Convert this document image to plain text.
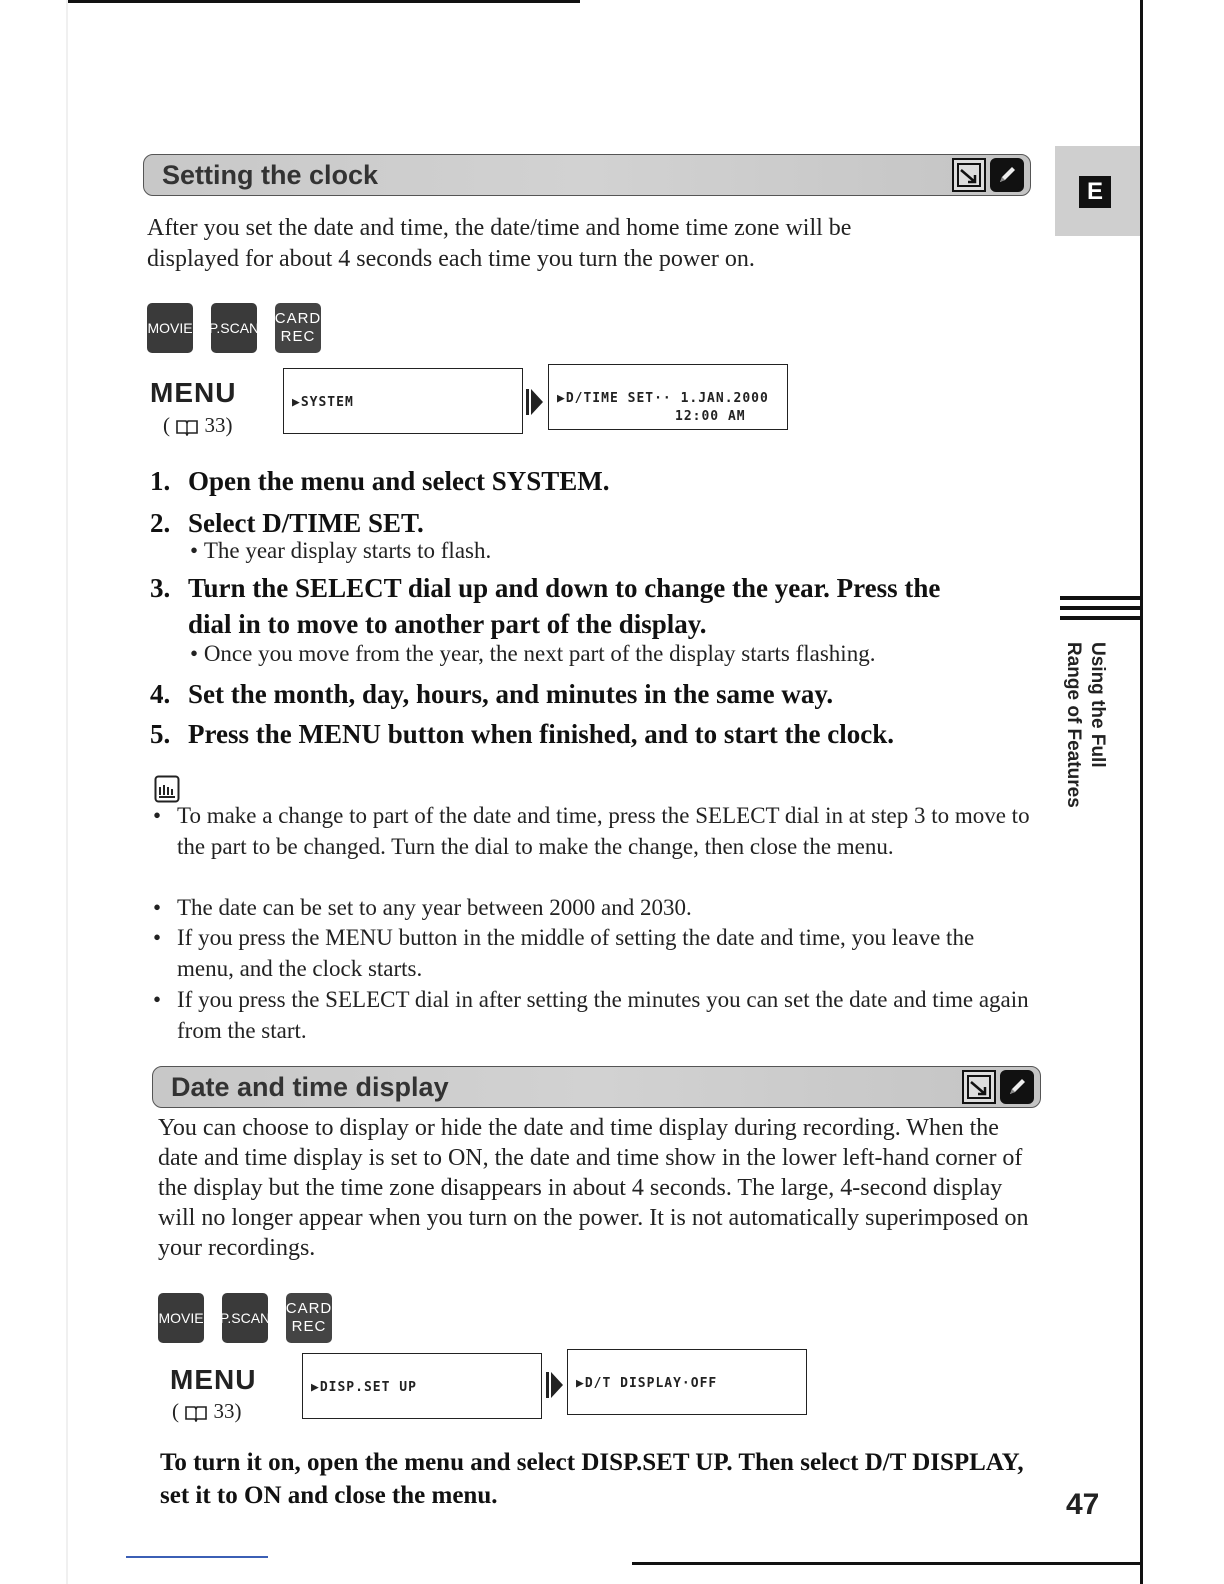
E
Using the Full
Range of Features
Setting the clock
After you set the date and time, the date/time and home time zone will be displayed for about 4 seconds each time you turn the power on.
MOVIE P.SCAN
CARD
REC
MENU
( 33)
▶SYSTEM	▶D/TIME SET·· 1.JAN.2000
12:00 AM
1. Open the menu and select SYSTEM.
2. Select D/TIME SET.
• The year display starts to flash.
3. Turn the SELECT dial up and down to change the year. Press the
dial in to move to another part of the display.
• Once you move from the year, the next part of the display starts flashing.
4. Set the month, day, hours, and minutes in the same way.
5. Press the MENU button when finished, and to start the clock.
• To make a change to part of the date and time, press the SELECT dial in at step 3 to move to the part to be changed. Turn the dial to make the change, then close the menu.
• The date can be set to any year between 2000 and 2030.
• If you press the MENU button in the middle of setting the date and time, you leave the menu, and the clock starts.
• If you press the SELECT dial in after setting the minutes you can set the date and time again from the start.
Date and time display
You can choose to display or hide the date and time display during recording. When the date and time display is set to ON, the date and time show in the lower left-hand corner of the display but the time zone disappears in about 4 seconds. The large, 4-second display will no longer appear when you turn on the power. It is not automatically superimposed on your recordings.
MOVIE P.SCAN
CARD
REC
MENU
( 33)
▶DISP.SET UP	▶D/T DISPLAY·OFF
To turn it on, open the menu and select DISP.SET UP. Then select D/T DISPLAY, set it to ON and close the menu.	47
